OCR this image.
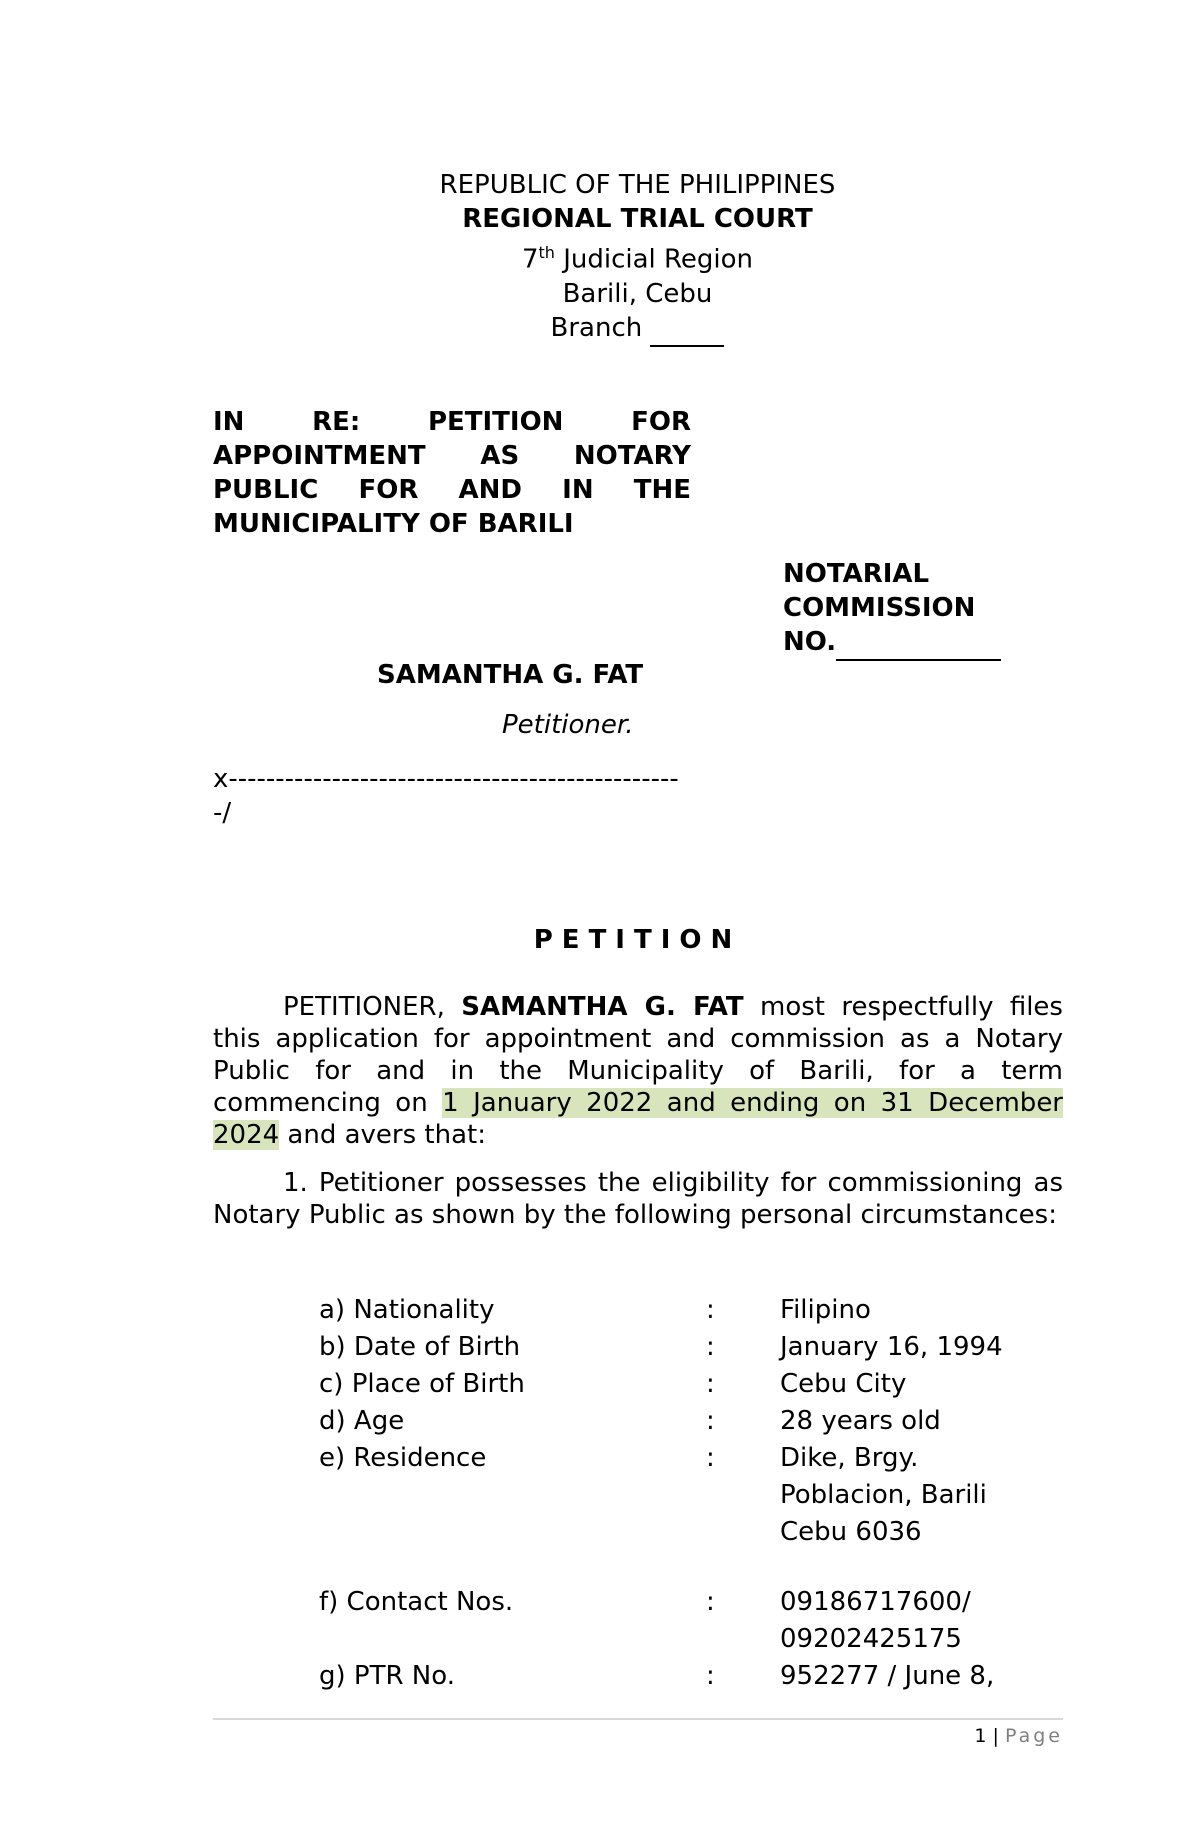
REPUBLIC OF THE PHILIPPINES
REGIONAL TRIAL COURT
7th Judicial Region
Barili, Cebu
Branch
IN RE: PETITION FOR
APPOINTMENT AS NOTARY
PUBLIC FOR AND IN THE
MUNICIPALITY OF BARILI
NOTARIAL
COMMISSION
NO.
SAMANTHA G. FAT
Petitioner.
x-------------------------------------------------/
PETITION

PETITIONER, SAMANTHA G. FAT most respectfully files this application for appointment and commission as a Notary Public for and in the Municipality of Barili, for a term commencing on 1 January 2022 and ending on 31 December 2024 and avers that:

1. Petitioner possesses the eligibility for commissioning as Notary Public as shown by the following personal circumstances:

a) Nationality	:	Filipino
b) Date of Birth	:	January 16, 1994
c) Place of Birth	:	Cebu City
d) Age	:	28 years old
e) Residence	:	Dike, Brgy.
Poblacion, Barili
Cebu 6036
f) Contact Nos.	:	09186717600/
09202425175
g) PTR No.	:	952277 / June 8,
1 | Page
